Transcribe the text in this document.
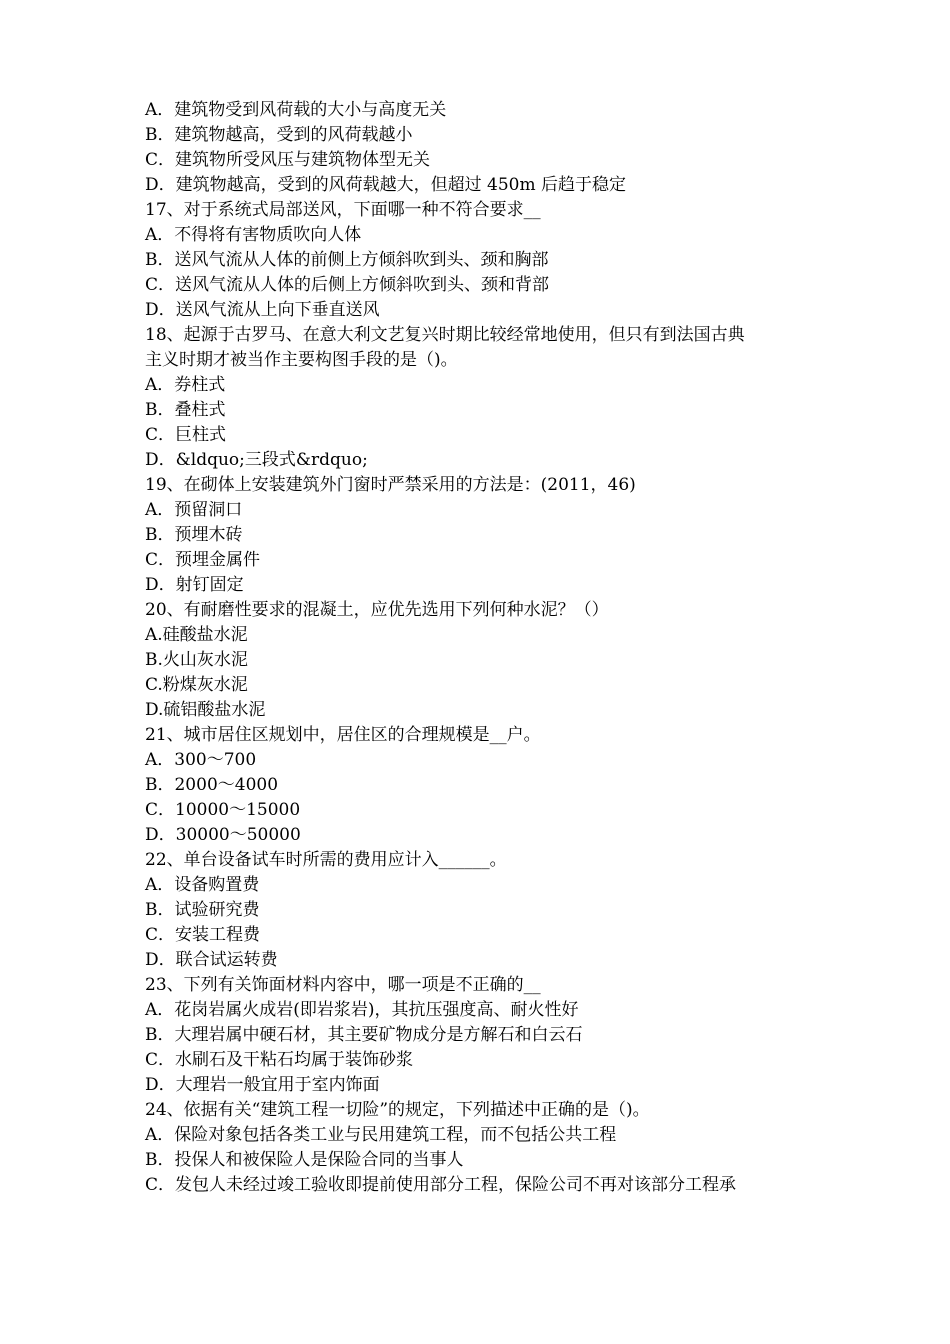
A．建筑物受到风荷载的大小与高度无关
B．建筑物越高，受到的风荷载越小
C．建筑物所受风压与建筑物体型无关
D．建筑物越高，受到的风荷载越大，但超过 450m 后趋于稳定
17、对于系统式局部送风，下面哪一种不符合要求__
A．不得将有害物质吹向人体
B．送风气流从人体的前侧上方倾斜吹到头、颈和胸部
C．送风气流从人体的后侧上方倾斜吹到头、颈和背部
D．送风气流从上向下垂直送风
18、起源于古罗马、在意大利文艺复兴时期比较经常地使用，但只有到法国古典
主义时期才被当作主要构图手段的是（)。
A．券柱式
B．叠柱式
C．巨柱式
D．&ldquo;三段式&rdquo;
19、在砌体上安装建筑外门窗时严禁采用的方法是：(2011，46)
A．预留洞口
B．预埋木砖
C．预埋金属件
D．射钉固定
20、有耐磨性要求的混凝土，应优先选用下列何种水泥？（）
A.硅酸盐水泥
B.火山灰水泥
C.粉煤灰水泥
D.硫铝酸盐水泥
21、城市居住区规划中，居住区的合理规模是__户。
A．300～700
B．2000～4000
C．10000～15000
D．30000～50000
22、单台设备试车时所需的费用应计入______。
A．设备购置费
B．试验研究费
C．安装工程费
D．联合试运转费
23、下列有关饰面材料内容中，哪一项是不正确的__
A．花岗岩属火成岩(即岩浆岩)，其抗压强度高、耐火性好
B．大理岩属中硬石材，其主要矿物成分是方解石和白云石
C．水刷石及干粘石均属于装饰砂浆
D．大理岩一般宜用于室内饰面
24、依据有关“建筑工程一切险”的规定，下列描述中正确的是（)。
A．保险对象包括各类工业与民用建筑工程，而不包括公共工程
B．投保人和被保险人是保险合同的当事人
C．发包人未经过竣工验收即提前使用部分工程，保险公司不再对该部分工程承
